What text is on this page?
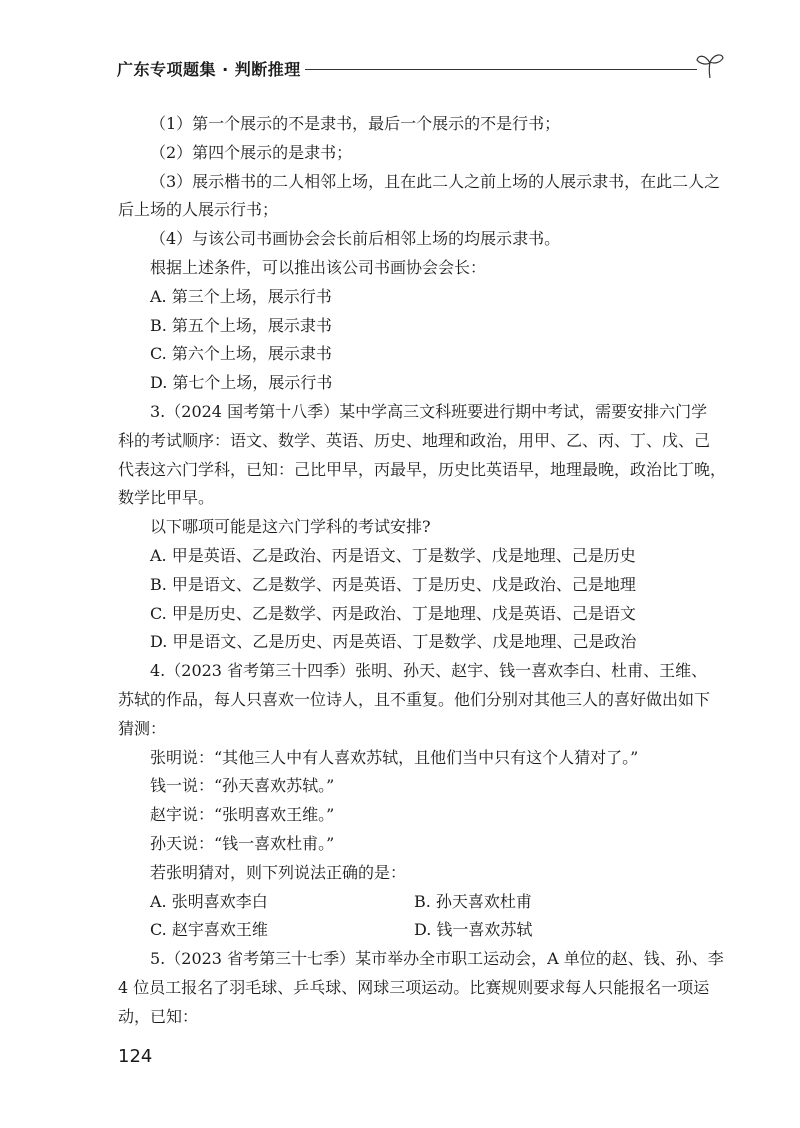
广东专项题集 · 判断推理
（1）第一个展示的不是隶书，最后一个展示的不是行书；
（2）第四个展示的是隶书；
（3）展示楷书的二人相邻上场，且在此二人之前上场的人展示隶书，在此二人之
后上场的人展示行书；
（4）与该公司书画协会会长前后相邻上场的均展示隶书。
根据上述条件，可以推出该公司书画协会会长：
A. 第三个上场，展示行书
B. 第五个上场，展示隶书
C. 第六个上场，展示隶书
D. 第七个上场，展示行书
3.（2024 国考第十八季）某中学高三文科班要进行期中考试，需要安排六门学
科的考试顺序：语文、数学、英语、历史、地理和政治，用甲、乙、丙、丁、戊、己
代表这六门学科，已知：己比甲早，丙最早，历史比英语早，地理最晚，政治比丁晚，
数学比甲早。
以下哪项可能是这六门学科的考试安排?
A. 甲是英语、乙是政治、丙是语文、丁是数学、戊是地理、己是历史
B. 甲是语文、乙是数学、丙是英语、丁是历史、戊是政治、己是地理
C. 甲是历史、乙是数学、丙是政治、丁是地理、戊是英语、己是语文
D. 甲是语文、乙是历史、丙是英语、丁是数学、戊是地理、己是政治
4.（2023 省考第三十四季）张明、孙天、赵宇、钱一喜欢李白、杜甫、王维、
苏轼的作品，每人只喜欢一位诗人，且不重复。他们分别对其他三人的喜好做出如下
猜测：
张明说：“其他三人中有人喜欢苏轼，且他们当中只有这个人猜对了。”
钱一说：“孙天喜欢苏轼。”
赵宇说：“张明喜欢王维。”
孙天说：“钱一喜欢杜甫。”
若张明猜对，则下列说法正确的是：
A. 张明喜欢李白	B. 孙天喜欢杜甫
C. 赵宇喜欢王维	D. 钱一喜欢苏轼
5.（2023 省考第三十七季）某市举办全市职工运动会，A 单位的赵、钱、孙、李
4 位员工报名了羽毛球、乒乓球、网球三项运动。比赛规则要求每人只能报名一项运
动，已知：
124
